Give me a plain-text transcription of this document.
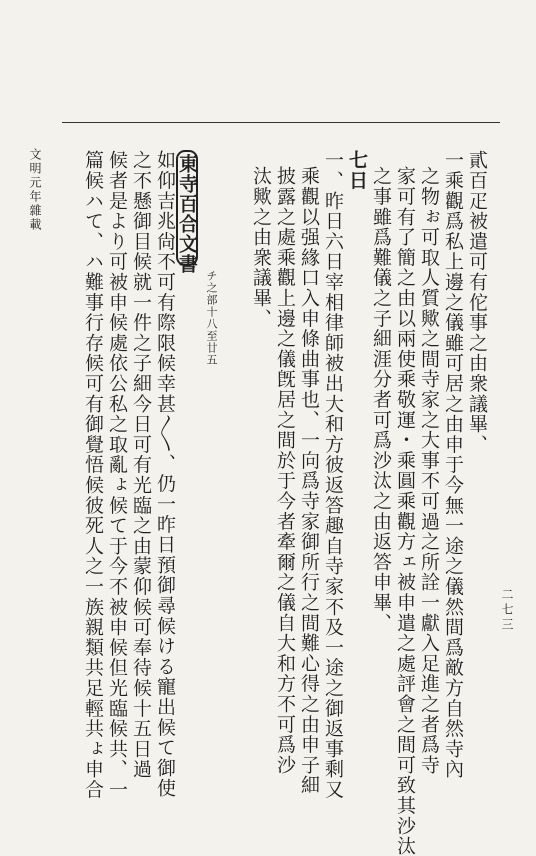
文明元年雜載
二七三
貳百疋被遣可有佗事之由衆議畢、
一乘觀爲私上邊之儀雖可居之由申于今無一途之儀然間爲敵方自然寺內
之物ぉ可取人質歟之間寺家之大事不可過之所詮一獻入足進之者爲寺
家可有了簡之由以兩使乘敬運・乘圓乘觀方ェ被申遣之處評會之間可致其沙汰
之事雖爲難儀之子細涯分者可爲沙汰之由返答申畢、
七日
一、昨日六日宰相律師被出大和方彼返答趣自寺家不及一途之御返事剩又
乘觀以强緣口入申條曲事也、一向爲寺家御所行之間難心得之由申子細
披露之處乘觀上邊之儀旣居之間於于今者牽爾之儀自大和方不可爲沙
汰歟之由衆議畢、
東寺百合文書
チ之部十八至廿五
如仰吉兆尙不可有際限候幸甚〳〵、仍一昨日預御尋候ける寵出候て御使
之不懸御目候就一件之子細今日可有光臨之由蒙仰候可奉待候十五日過
候者是より可被申候處依公私之取亂ょ候て于今不被申候但光臨候共、一
篇候ハて、ハ難事行存候可有御覺悟候彼死人之一族親類共足輕共ょ申合
